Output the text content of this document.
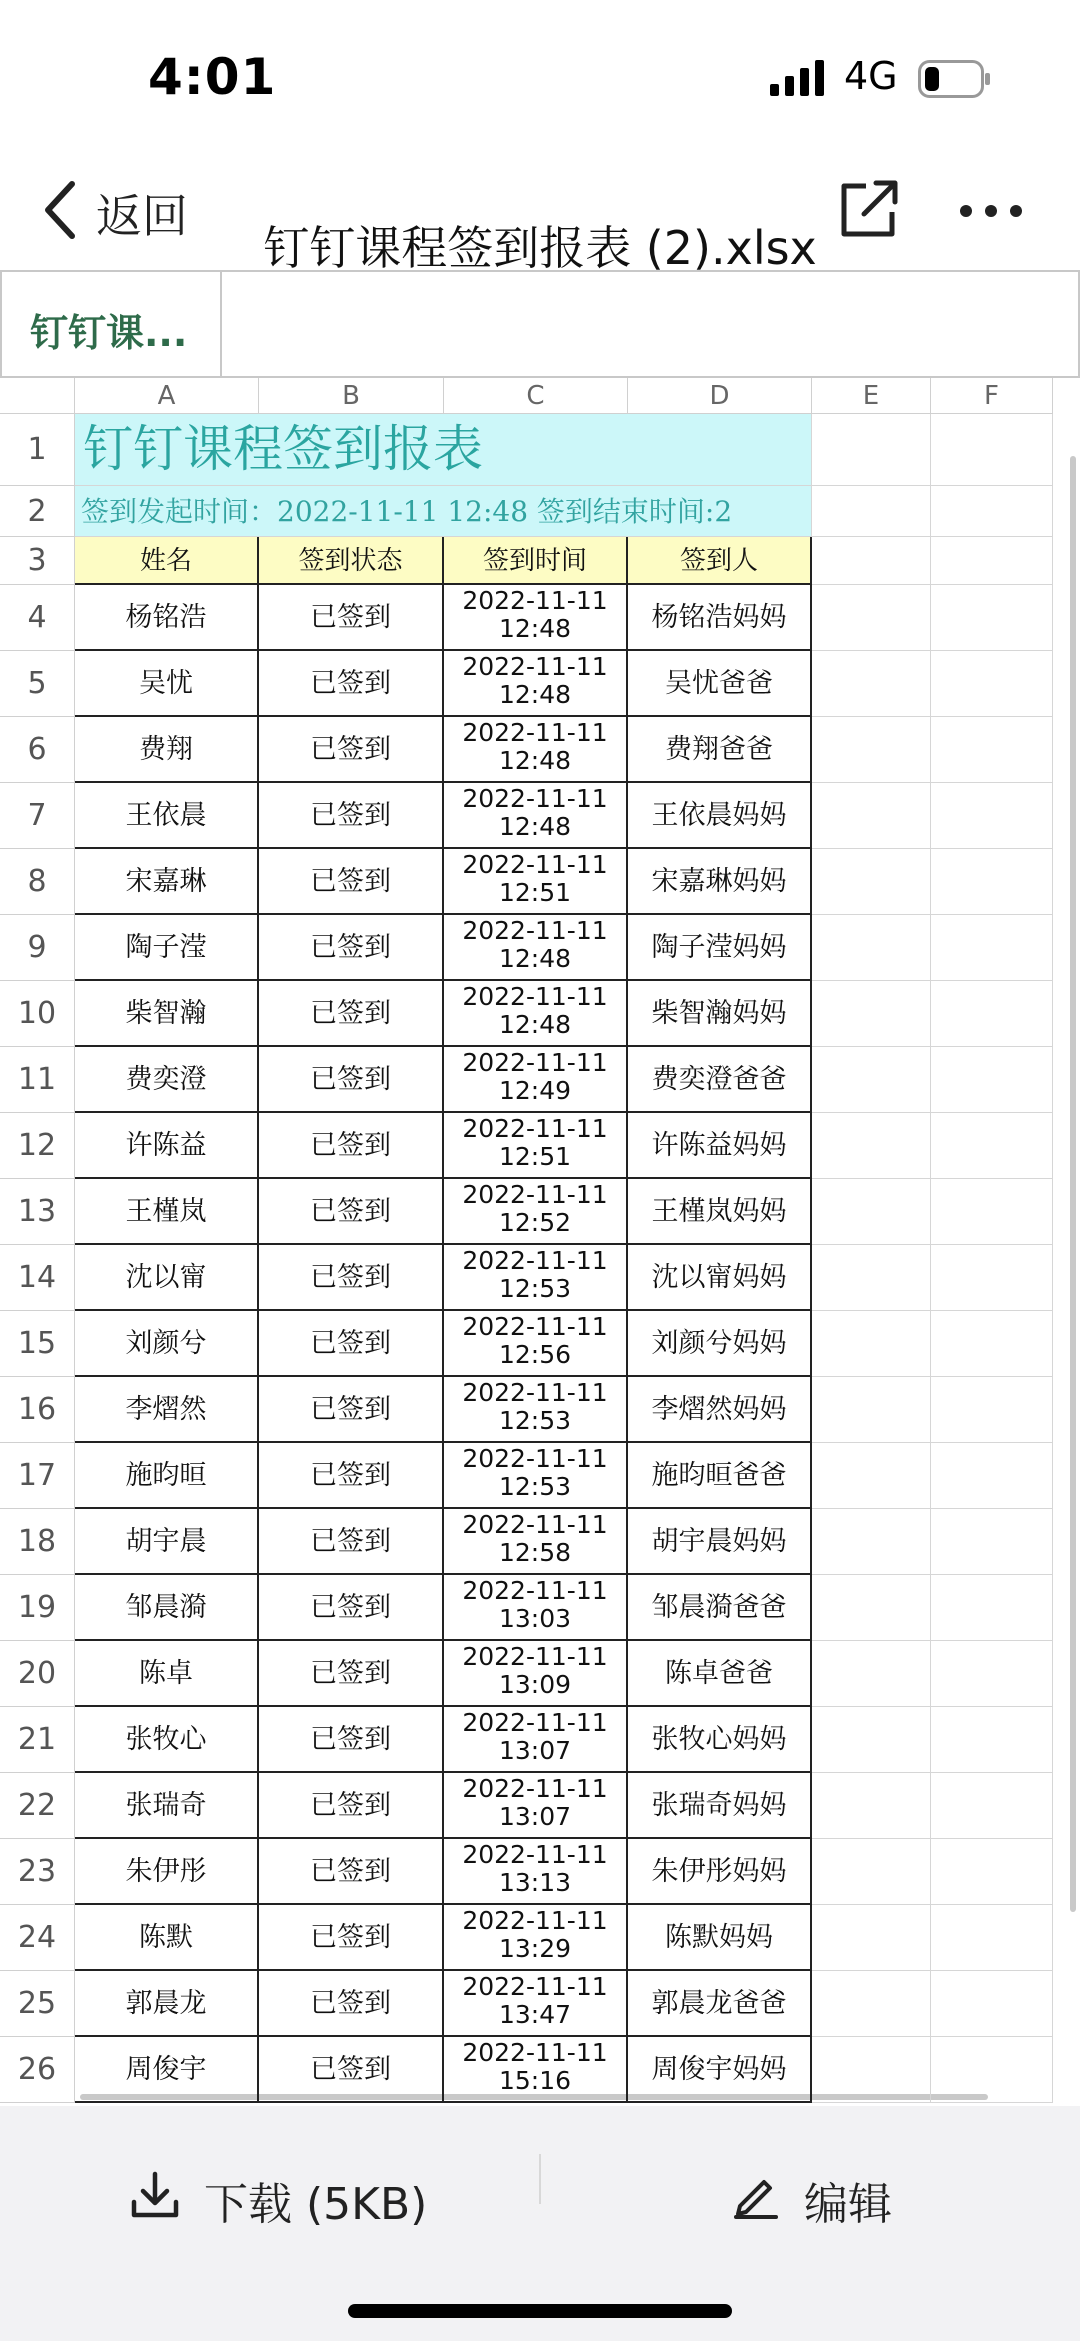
4:01	4G
返回
钉钉课程签到报表 (2).xlsx
钉钉课...
A	B	C	D	E	F
1
2
3
4
5
6
7
8
9
10
11
12
13
14
15
16
17
18
19
20
21
22
23
24
25
26
钉钉课程签到报表
签到发起时间：2022-11-11 12:48 签到结束时间:2
姓名	签到状态	签到时间	签到人
杨铭浩	已签到
2022-11-11
12:48	杨铭浩妈妈
吴忧	已签到
2022-11-11
12:48	吴忧爸爸
费翔	已签到
2022-11-11
12:48	费翔爸爸
王依晨	已签到
2022-11-11
12:48	王依晨妈妈
宋嘉琳	已签到
2022-11-11
12:51	宋嘉琳妈妈
陶子滢	已签到
2022-11-11
12:48	陶子滢妈妈
柴智瀚	已签到
2022-11-11
12:48	柴智瀚妈妈
费奕澄	已签到
2022-11-11
12:49	费奕澄爸爸
许陈益	已签到
2022-11-11
12:51	许陈益妈妈
王槿岚	已签到
2022-11-11
12:52	王槿岚妈妈
沈以甯	已签到
2022-11-11
12:53	沈以甯妈妈
刘颜兮	已签到
2022-11-11
12:56	刘颜兮妈妈
李熠然	已签到
2022-11-11
12:53	李熠然妈妈
施昀晅	已签到
2022-11-11
12:53	施昀晅爸爸
胡宇晨	已签到
2022-11-11
12:58	胡宇晨妈妈
邹晨漪	已签到
2022-11-11
13:03	邹晨漪爸爸
陈卓	已签到
2022-11-11
13:09	陈卓爸爸
张牧心	已签到
2022-11-11
13:07	张牧心妈妈
张瑞奇	已签到
2022-11-11
13:07	张瑞奇妈妈
朱伊彤	已签到
2022-11-11
13:13	朱伊彤妈妈
陈默	已签到
2022-11-11
13:29	陈默妈妈
郭晨龙	已签到
2022-11-11
13:47	郭晨龙爸爸
周俊宇	已签到
2022-11-11
15:16	周俊宇妈妈
下载 (5KB)	编辑
